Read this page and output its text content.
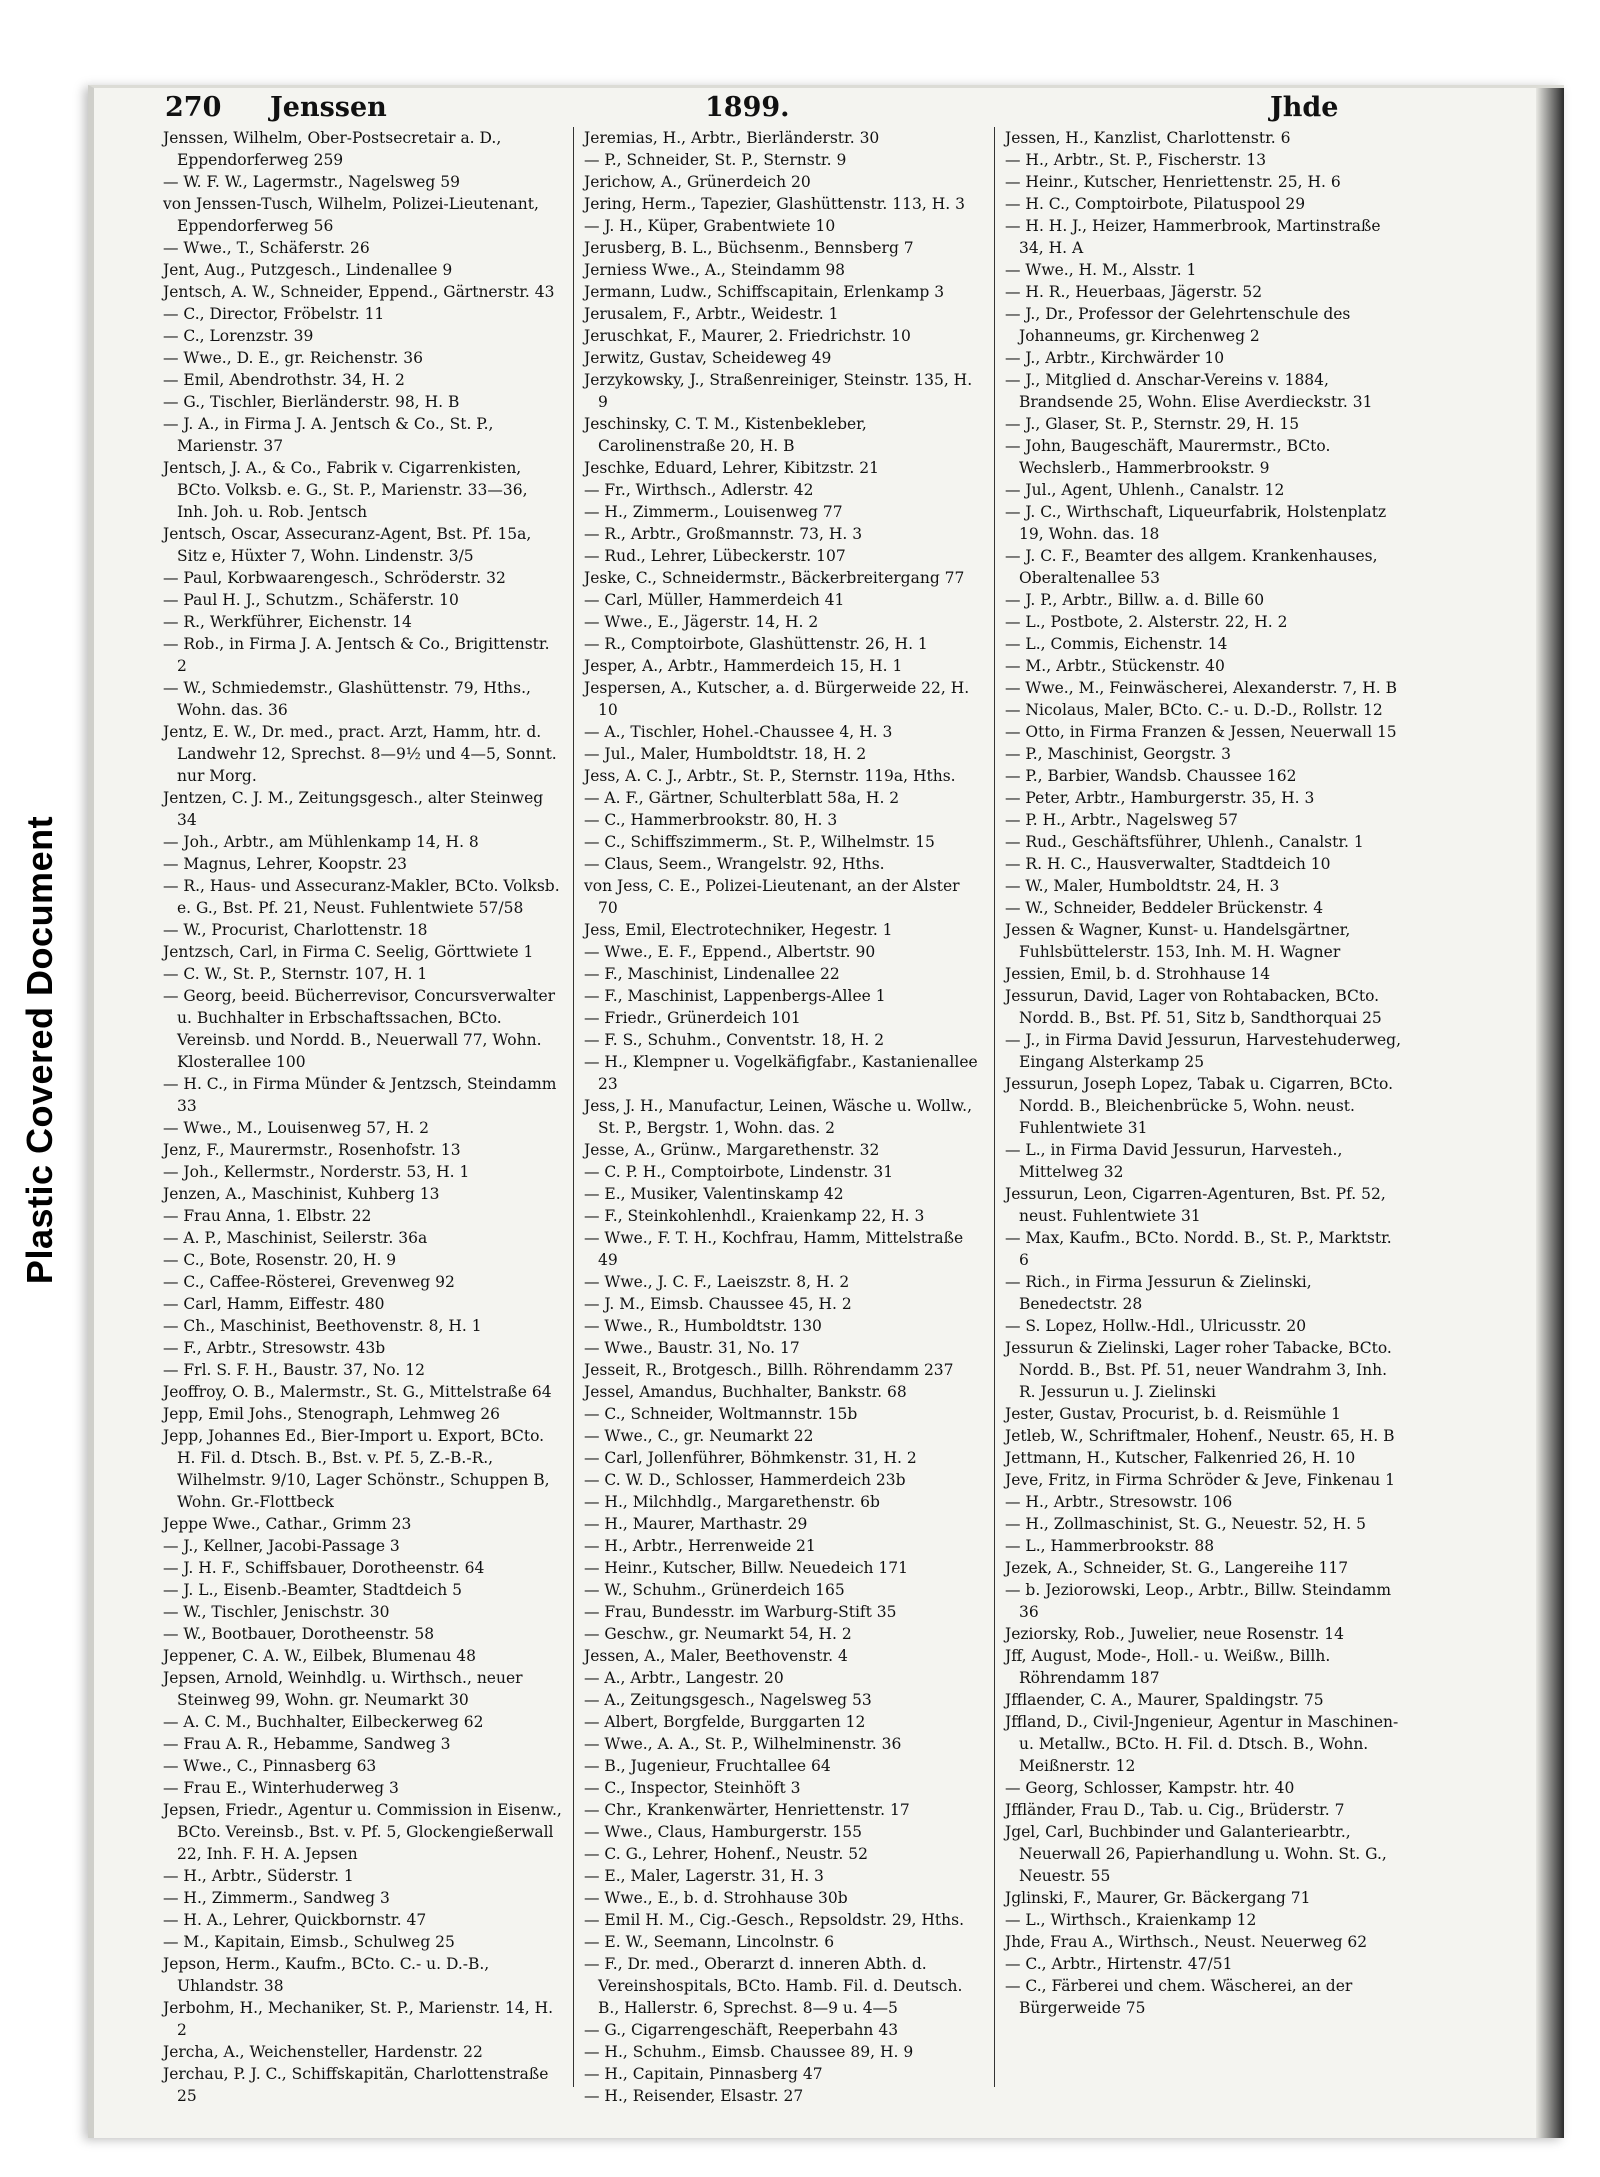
Plastic Covered Document
270 Jenssen	1899.	Jhde
Jenssen, Wilhelm, Ober-Postsecretair a. D., Eppendorferweg 259
— W. F. W., Lagermstr., Nagelsweg 59
von Jenssen-Tusch, Wilhelm, Polizei-Lieutenant, Eppendorferweg 56
— Wwe., T., Schäferstr. 26
Jent, Aug., Putzgesch., Lindenallee 9
Jentsch, A. W., Schneider, Eppend., Gärtnerstr. 43
— C., Director, Fröbelstr. 11
— C., Lorenzstr. 39
— Wwe., D. E., gr. Reichenstr. 36
— Emil, Abendrothstr. 34, H. 2
— G., Tischler, Bierländerstr. 98, H. B
— J. A., in Firma J. A. Jentsch & Co., St. P., Marienstr. 37
Jentsch, J. A., & Co., Fabrik v. Cigarrenkisten, BCto. Volksb. e. G., St. P., Marienstr. 33—36, Inh. Joh. u. Rob. Jentsch
Jentsch, Oscar, Assecuranz-Agent, Bst. Pf. 15a, Sitz e, Hüxter 7, Wohn. Lindenstr. 3/5
— Paul, Korbwaarengesch., Schröderstr. 32
— Paul H. J., Schutzm., Schäferstr. 10
— R., Werkführer, Eichenstr. 14
— Rob., in Firma J. A. Jentsch & Co., Brigittenstr. 2
— W., Schmiedemstr., Glashüttenstr. 79, Hths., Wohn. das. 36
Jentz, E. W., Dr. med., pract. Arzt, Hamm, htr. d. Landwehr 12, Sprechst. 8—9½ und 4—5, Sonnt. nur Morg.
Jentzen, C. J. M., Zeitungsgesch., alter Steinweg 34
— Joh., Arbtr., am Mühlenkamp 14, H. 8
— Magnus, Lehrer, Koopstr. 23
— R., Haus- und Assecuranz-Makler, BCto. Volksb. e. G., Bst. Pf. 21, Neust. Fuhlentwiete 57/58
— W., Procurist, Charlottenstr. 18
Jentzsch, Carl, in Firma C. Seelig, Görttwiete 1
— C. W., St. P., Sternstr. 107, H. 1
— Georg, beeid. Bücherrevisor, Concursverwalter u. Buchhalter in Erbschaftssachen, BCto. Vereinsb. und Nordd. B., Neuerwall 77, Wohn. Klosterallee 100
— H. C., in Firma Münder & Jentzsch, Steindamm 33
— Wwe., M., Louisenweg 57, H. 2
Jenz, F., Maurermstr., Rosenhofstr. 13
— Joh., Kellermstr., Norderstr. 53, H. 1
Jenzen, A., Maschinist, Kuhberg 13
— Frau Anna, 1. Elbstr. 22
— A. P., Maschinist, Seilerstr. 36a
— C., Bote, Rosenstr. 20, H. 9
— C., Caffee-Rösterei, Grevenweg 92
— Carl, Hamm, Eiffestr. 480
— Ch., Maschinist, Beethovenstr. 8, H. 1
— F., Arbtr., Stresowstr. 43b
— Frl. S. F. H., Baustr. 37, No. 12
Jeoffroy, O. B., Malermstr., St. G., Mittelstraße 64
Jepp, Emil Johs., Stenograph, Lehmweg 26
Jepp, Johannes Ed., Bier-Import u. Export, BCto. H. Fil. d. Dtsch. B., Bst. v. Pf. 5, Z.-B.-R., Wilhelmstr. 9/10, Lager Schönstr., Schuppen B, Wohn. Gr.-Flottbeck
Jeppe Wwe., Cathar., Grimm 23
— J., Kellner, Jacobi-Passage 3
— J. H. F., Schiffsbauer, Dorotheenstr. 64
— J. L., Eisenb.-Beamter, Stadtdeich 5
— W., Tischler, Jenischstr. 30
— W., Bootbauer, Dorotheenstr. 58
Jeppener, C. A. W., Eilbek, Blumenau 48
Jepsen, Arnold, Weinhdlg. u. Wirthsch., neuer Steinweg 99, Wohn. gr. Neumarkt 30
— A. C. M., Buchhalter, Eilbeckerweg 62
— Frau A. R., Hebamme, Sandweg 3
— Wwe., C., Pinnasberg 63
— Frau E., Winterhuderweg 3
Jepsen, Friedr., Agentur u. Commission in Eisenw., BCto. Vereinsb., Bst. v. Pf. 5, Glockengießerwall 22, Inh. F. H. A. Jepsen
— H., Arbtr., Süderstr. 1
— H., Zimmerm., Sandweg 3
— H. A., Lehrer, Quickbornstr. 47
— M., Kapitain, Eimsb., Schulweg 25
Jepson, Herm., Kaufm., BCto. C.- u. D.-B., Uhlandstr. 38
Jerbohm, H., Mechaniker, St. P., Marienstr. 14, H. 2
Jercha, A., Weichensteller, Hardenstr. 22
Jerchau, P. J. C., Schiffskapitän, Charlottenstraße 25
Jeremias, H., Arbtr., Bierländerstr. 30
— P., Schneider, St. P., Sternstr. 9
Jerichow, A., Grünerdeich 20
Jering, Herm., Tapezier, Glashüttenstr. 113, H. 3
— J. H., Küper, Grabentwiete 10
Jerusberg, B. L., Büchsenm., Bennsberg 7
Jerniess Wwe., A., Steindamm 98
Jermann, Ludw., Schiffscapitain, Erlenkamp 3
Jerusalem, F., Arbtr., Weidestr. 1
Jeruschkat, F., Maurer, 2. Friedrichstr. 10
Jerwitz, Gustav, Scheideweg 49
Jerzykowsky, J., Straßenreiniger, Steinstr. 135, H. 9
Jeschinsky, C. T. M., Kistenbekleber, Carolinenstraße 20, H. B
Jeschke, Eduard, Lehrer, Kibitzstr. 21
— Fr., Wirthsch., Adlerstr. 42
— H., Zimmerm., Louisenweg 77
— R., Arbtr., Großmannstr. 73, H. 3
— Rud., Lehrer, Lübeckerstr. 107
Jeske, C., Schneidermstr., Bäckerbreitergang 77
— Carl, Müller, Hammerdeich 41
— Wwe., E., Jägerstr. 14, H. 2
— R., Comptoirbote, Glashüttenstr. 26, H. 1
Jesper, A., Arbtr., Hammerdeich 15, H. 1
Jespersen, A., Kutscher, a. d. Bürgerweide 22, H. 10
— A., Tischler, Hohel.-Chaussee 4, H. 3
— Jul., Maler, Humboldtstr. 18, H. 2
Jess, A. C. J., Arbtr., St. P., Sternstr. 119a, Hths.
— A. F., Gärtner, Schulterblatt 58a, H. 2
— C., Hammerbrookstr. 80, H. 3
— C., Schiffszimmerm., St. P., Wilhelmstr. 15
— Claus, Seem., Wrangelstr. 92, Hths.
von Jess, C. E., Polizei-Lieutenant, an der Alster 70
Jess, Emil, Electrotechniker, Hegestr. 1
— Wwe., E. F., Eppend., Albertstr. 90
— F., Maschinist, Lindenallee 22
— F., Maschinist, Lappenbergs-Allee 1
— Friedr., Grünerdeich 101
— F. S., Schuhm., Conventstr. 18, H. 2
— H., Klempner u. Vogelkäfigfabr., Kastanienallee 23
Jess, J. H., Manufactur, Leinen, Wäsche u. Wollw., St. P., Bergstr. 1, Wohn. das. 2
Jesse, A., Grünw., Margarethenstr. 32
— C. P. H., Comptoirbote, Lindenstr. 31
— E., Musiker, Valentinskamp 42
— F., Steinkohlenhdl., Kraienkamp 22, H. 3
— Wwe., F. T. H., Kochfrau, Hamm, Mittelstraße 49
— Wwe., J. C. F., Laeiszstr. 8, H. 2
— J. M., Eimsb. Chaussee 45, H. 2
— Wwe., R., Humboldtstr. 130
— Wwe., Baustr. 31, No. 17
Jesseit, R., Brotgesch., Billh. Röhrendamm 237
Jessel, Amandus, Buchhalter, Bankstr. 68
— C., Schneider, Woltmannstr. 15b
— Wwe., C., gr. Neumarkt 22
— Carl, Jollenführer, Böhmkenstr. 31, H. 2
— C. W. D., Schlosser, Hammerdeich 23b
— H., Milchhdlg., Margarethenstr. 6b
— H., Maurer, Marthastr. 29
— H., Arbtr., Herrenweide 21
— Heinr., Kutscher, Billw. Neuedeich 171
— W., Schuhm., Grünerdeich 165
— Frau, Bundesstr. im Warburg-Stift 35
— Geschw., gr. Neumarkt 54, H. 2
Jessen, A., Maler, Beethovenstr. 4
— A., Arbtr., Langestr. 20
— A., Zeitungsgesch., Nagelsweg 53
— Albert, Borgfelde, Burggarten 12
— Wwe., A. A., St. P., Wilhelminenstr. 36
— B., Jugenieur, Fruchtallee 64
— C., Inspector, Steinhöft 3
— Chr., Krankenwärter, Henriettenstr. 17
— Wwe., Claus, Hamburgerstr. 155
— C. G., Lehrer, Hohenf., Neustr. 52
— E., Maler, Lagerstr. 31, H. 3
— Wwe., E., b. d. Strohhause 30b
— Emil H. M., Cig.-Gesch., Repsoldstr. 29, Hths.
— E. W., Seemann, Lincolnstr. 6
— F., Dr. med., Oberarzt d. inneren Abth. d. Vereinshospitals, BCto. Hamb. Fil. d. Deutsch. B., Hallerstr. 6, Sprechst. 8—9 u. 4—5
— G., Cigarrengeschäft, Reeperbahn 43
— H., Schuhm., Eimsb. Chaussee 89, H. 9
— H., Capitain, Pinnasberg 47
— H., Reisender, Elsastr. 27
Jessen, H., Kanzlist, Charlottenstr. 6
— H., Arbtr., St. P., Fischerstr. 13
— Heinr., Kutscher, Henriettenstr. 25, H. 6
— H. C., Comptoirbote, Pilatuspool 29
— H. H. J., Heizer, Hammerbrook, Martinstraße 34, H. A
— Wwe., H. M., Alsstr. 1
— H. R., Heuerbaas, Jägerstr. 52
— J., Dr., Professor der Gelehrtenschule des Johanneums, gr. Kirchenweg 2
— J., Arbtr., Kirchwärder 10
— J., Mitglied d. Anschar-Vereins v. 1884, Brandsende 25, Wohn. Elise Averdieckstr. 31
— J., Glaser, St. P., Sternstr. 29, H. 15
— John, Baugeschäft, Maurermstr., BCto. Wechslerb., Hammerbrookstr. 9
— Jul., Agent, Uhlenh., Canalstr. 12
— J. C., Wirthschaft, Liqueurfabrik, Holstenplatz 19, Wohn. das. 18
— J. C. F., Beamter des allgem. Krankenhauses, Oberaltenallee 53
— J. P., Arbtr., Billw. a. d. Bille 60
— L., Postbote, 2. Alsterstr. 22, H. 2
— L., Commis, Eichenstr. 14
— M., Arbtr., Stückenstr. 40
— Wwe., M., Feinwäscherei, Alexanderstr. 7, H. B
— Nicolaus, Maler, BCto. C.- u. D.-D., Rollstr. 12
— Otto, in Firma Franzen & Jessen, Neuerwall 15
— P., Maschinist, Georgstr. 3
— P., Barbier, Wandsb. Chaussee 162
— Peter, Arbtr., Hamburgerstr. 35, H. 3
— P. H., Arbtr., Nagelsweg 57
— Rud., Geschäftsführer, Uhlenh., Canalstr. 1
— R. H. C., Hausverwalter, Stadtdeich 10
— W., Maler, Humboldtstr. 24, H. 3
— W., Schneider, Beddeler Brückenstr. 4
Jessen & Wagner, Kunst- u. Handelsgärtner, Fuhlsbüttelerstr. 153, Inh. M. H. Wagner
Jessien, Emil, b. d. Strohhause 14
Jessurun, David, Lager von Rohtabacken, BCto. Nordd. B., Bst. Pf. 51, Sitz b, Sandthorquai 25
— J., in Firma David Jessurun, Harvestehuderweg, Eingang Alsterkamp 25
Jessurun, Joseph Lopez, Tabak u. Cigarren, BCto. Nordd. B., Bleichenbrücke 5, Wohn. neust. Fuhlentwiete 31
— L., in Firma David Jessurun, Harvesteh., Mittelweg 32
Jessurun, Leon, Cigarren-Agenturen, Bst. Pf. 52, neust. Fuhlentwiete 31
— Max, Kaufm., BCto. Nordd. B., St. P., Marktstr. 6
— Rich., in Firma Jessurun & Zielinski, Benedectstr. 28
— S. Lopez, Hollw.-Hdl., Ulricusstr. 20
Jessurun & Zielinski, Lager roher Tabacke, BCto. Nordd. B., Bst. Pf. 51, neuer Wandrahm 3, Inh. R. Jessurun u. J. Zielinski
Jester, Gustav, Procurist, b. d. Reismühle 1
Jetleb, W., Schriftmaler, Hohenf., Neustr. 65, H. B
Jettmann, H., Kutscher, Falkenried 26, H. 10
Jeve, Fritz, in Firma Schröder & Jeve, Finkenau 1
— H., Arbtr., Stresowstr. 106
— H., Zollmaschinist, St. G., Neuestr. 52, H. 5
— L., Hammerbrookstr. 88
Jezek, A., Schneider, St. G., Langereihe 117
— b. Jeziorowski, Leop., Arbtr., Billw. Steindamm 36
Jeziorsky, Rob., Juwelier, neue Rosenstr. 14
Jff, August, Mode-, Holl.- u. Weißw., Billh. Röhrendamm 187
Jfflaender, C. A., Maurer, Spaldingstr. 75
Jffland, D., Civil-Jngenieur, Agentur in Maschinen- u. Metallw., BCto. H. Fil. d. Dtsch. B., Wohn. Meißnerstr. 12
— Georg, Schlosser, Kampstr. htr. 40
Jffländer, Frau D., Tab. u. Cig., Brüderstr. 7
Jgel, Carl, Buchbinder und Galanteriearbtr., Neuerwall 26, Papierhandlung u. Wohn. St. G., Neuestr. 55
Jglinski, F., Maurer, Gr. Bäckergang 71
— L., Wirthsch., Kraienkamp 12
Jhde, Frau A., Wirthsch., Neust. Neuerweg 62
— C., Arbtr., Hirtenstr. 47/51
— C., Färberei und chem. Wäscherei, an der Bürgerweide 75
